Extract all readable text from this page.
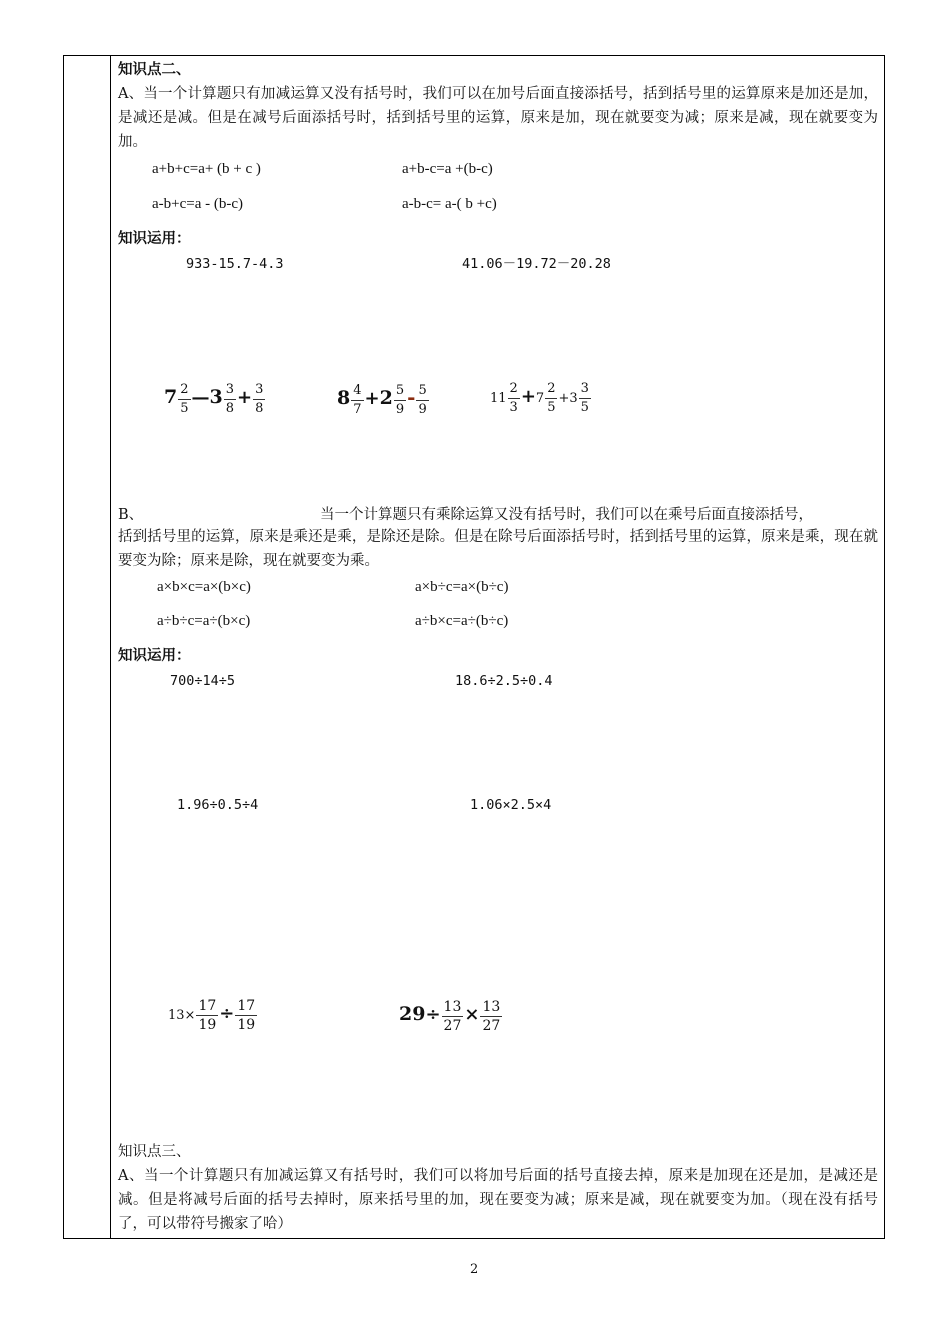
知识点二、
A、当一个计算题只有加减运算又没有括号时，我们可以在加号后面直接添括号，括到括号里的运算原来是加还是加，是减还是减。但是在减号后面添括号时，括到括号里的运算，原来是加，现在就要变为减；原来是减，现在就要变为加。
a+b+c=a+ (b + c )	a+b-c=a +(b-c)
a-b+c=a - (b-c)	a-b-c= a-( b +c)
知识运用：
933-15.7-4.3	41.06－19.72－20.28
$7 \frac{2}{5}$ —3 $\frac{3}{8} + \frac{3}{8}$	$8 \frac{4}{7} +2 \frac{5}{9} - \frac{5}{9}$	$11 \frac{2}{3} +7 \frac{2}{5} +3 \frac{3}{5}$
B、	当一个计算题只有乘除运算又没有括号时，我们可以在乘号后面直接添括号，
括到括号里的运算，原来是乘还是乘，是除还是除。但是在除号后面添括号时，括到括号里的运算，原来是乘，现在就要变为除；原来是除，现在就要变为乘。
a×b×c=a×(b×c)	a×b÷c=a×(b÷c)
a÷b÷c=a÷(b×c)	a÷b×c=a÷(b÷c)
知识运用：
700÷14÷5	18.6÷2.5÷0.4
1.96÷0.5÷4	1.06×2.5×4
$13\times \frac{17}{19} \div \frac{17}{19}$	$29\div \frac{13}{27} \times \frac{13}{27}$
知识点三、
A、当一个计算题只有加减运算又有括号时，我们可以将加号后面的括号直接去掉，原来是加现在还是加，是减还是减。但是将减号后面的括号去掉时，原来括号里的加，现在要变为减；原来是减，现在就要变为加。（现在没有括号了，可以带符号搬家了哈）
2
